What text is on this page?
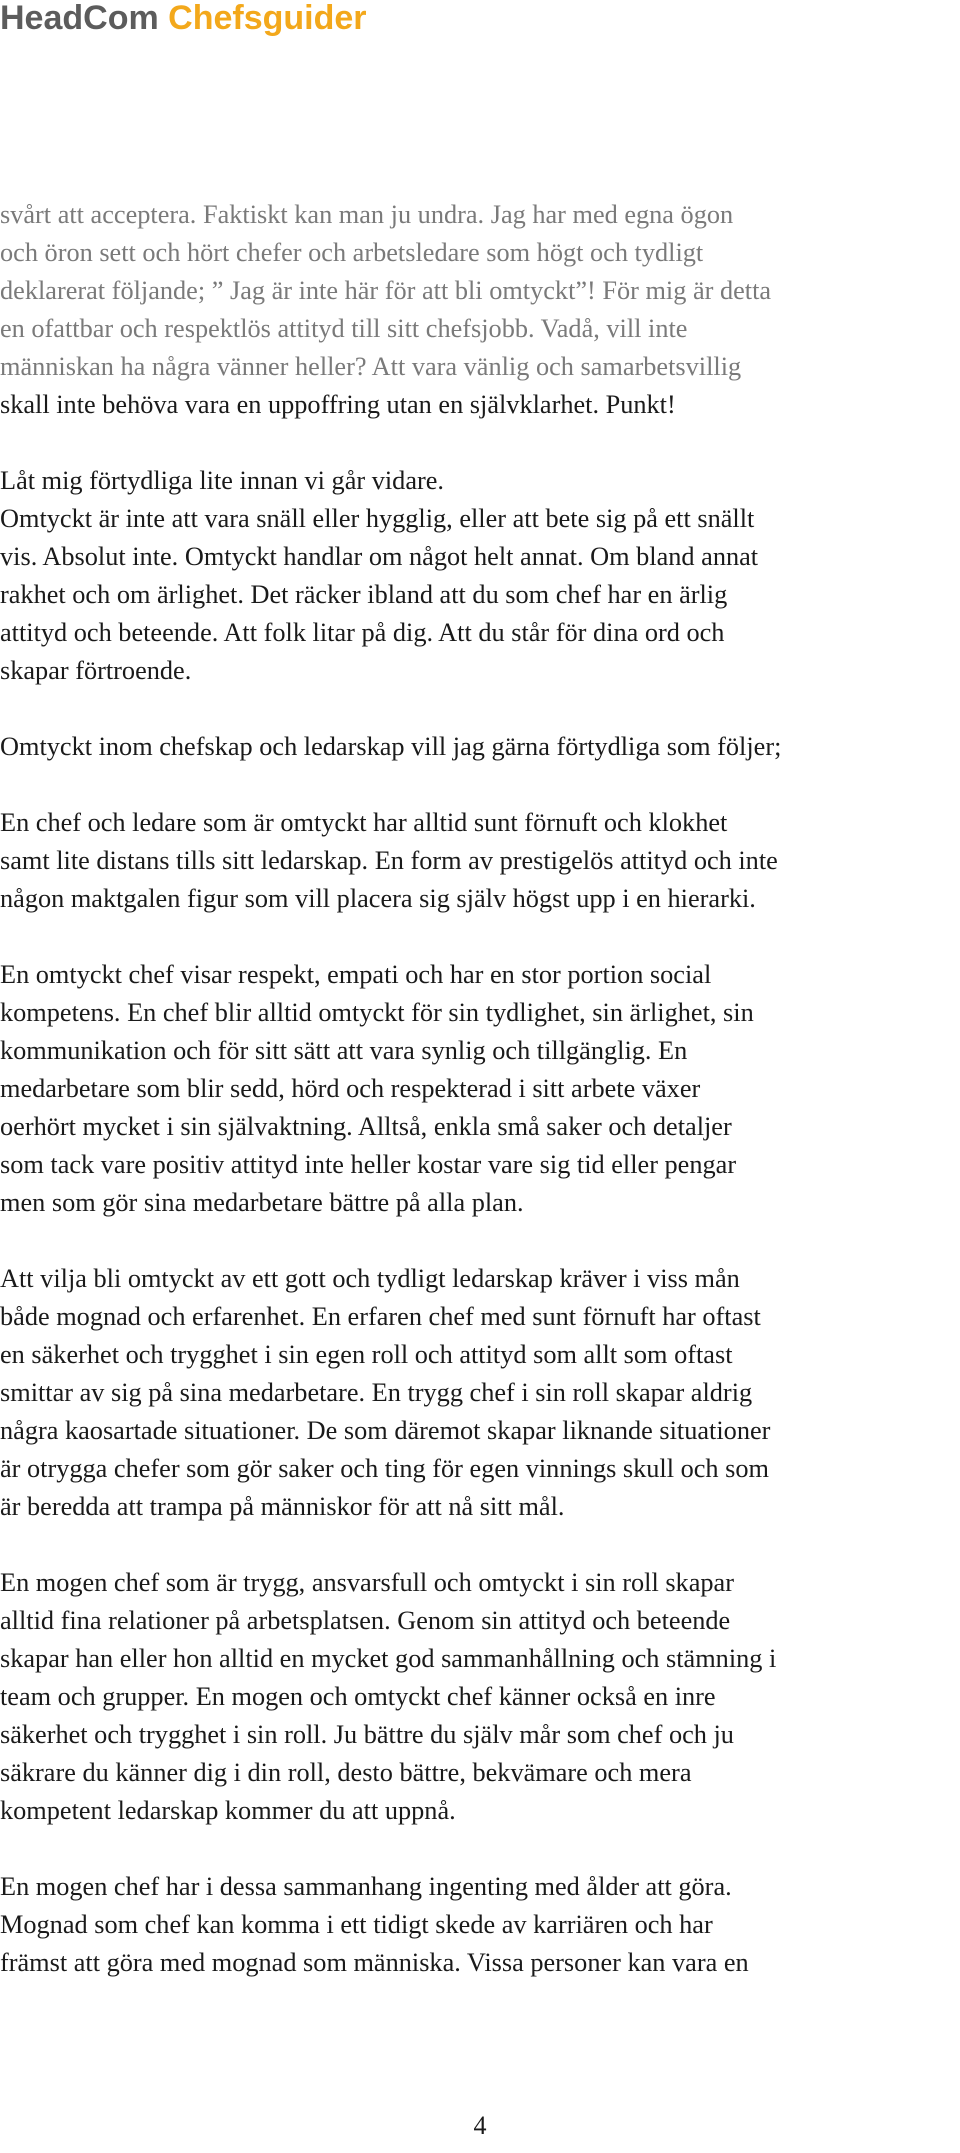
HeadCom Chefsguider
svårt att acceptera. Faktiskt kan man ju undra. Jag har med egna ögon
och öron sett och hört chefer och arbetsledare som högt och tydligt
deklarerat följande; ” Jag är inte här för att bli omtyckt”! För mig är detta
en ofattbar och respektlös attityd till sitt chefsjobb. Vadå, vill inte
människan ha några vänner heller? Att vara vänlig och samarbetsvillig
skall inte behöva vara en uppoffring utan en självklarhet. Punkt!
Låt mig förtydliga lite innan vi går vidare.
Omtyckt är inte att vara snäll eller hygglig, eller att bete sig på ett snällt
vis. Absolut inte. Omtyckt handlar om något helt annat. Om bland annat
rakhet och om ärlighet. Det räcker ibland att du som chef har en ärlig
attityd och beteende. Att folk litar på dig. Att du står för dina ord och
skapar förtroende.
Omtyckt inom chefskap och ledarskap vill jag gärna förtydliga som följer;
En chef och ledare som är omtyckt har alltid sunt förnuft och klokhet
samt lite distans tills sitt ledarskap. En form av prestigelös attityd och inte
någon maktgalen figur som vill placera sig själv högst upp i en hierarki.
En omtyckt chef visar respekt, empati och har en stor portion social
kompetens. En chef blir alltid omtyckt för sin tydlighet, sin ärlighet, sin
kommunikation och för sitt sätt att vara synlig och tillgänglig. En
medarbetare som blir sedd, hörd och respekterad i sitt arbete växer
oerhört mycket i sin självaktning. Alltså, enkla små saker och detaljer
som tack vare positiv attityd inte heller kostar vare sig tid eller pengar
men som gör sina medarbetare bättre på alla plan.
Att vilja bli omtyckt av ett gott och tydligt ledarskap kräver i viss mån
både mognad och erfarenhet. En erfaren chef med sunt förnuft har oftast
en säkerhet och trygghet i sin egen roll och attityd som allt som oftast
smittar av sig på sina medarbetare. En trygg chef i sin roll skapar aldrig
några kaosartade situationer. De som däremot skapar liknande situationer
är otrygga chefer som gör saker och ting för egen vinnings skull och som
är beredda att trampa på människor för att nå sitt mål.
En mogen chef som är trygg, ansvarsfull och omtyckt i sin roll skapar
alltid fina relationer på arbetsplatsen. Genom sin attityd och beteende
skapar han eller hon alltid en mycket god sammanhållning och stämning i
team och grupper. En mogen och omtyckt chef känner också en inre
säkerhet och trygghet i sin roll. Ju bättre du själv mår som chef och ju
säkrare du känner dig i din roll, desto bättre, bekvämare och mera
kompetent ledarskap kommer du att uppnå.
En mogen chef har i dessa sammanhang ingenting med ålder att göra.
Mognad som chef kan komma i ett tidigt skede av karriären och har
främst att göra med mognad som människa. Vissa personer kan vara en
4
